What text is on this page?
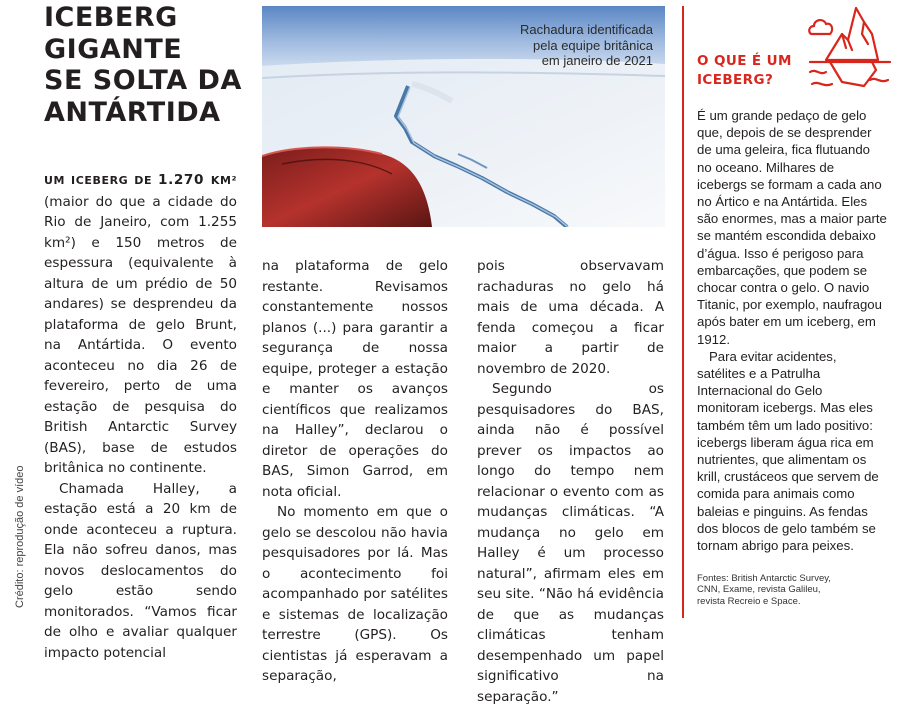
ICEBERG
GIGANTE
SE SOLTA DA
ANTÁRTIDA
Rachadura identificada
pela equipe britânica
em janeiro de 2021
Crédito: reprodução de vídeo

UM ICEBERG DE 1.270 KM² (maior do que a cidade do Rio de Janeiro, com 1.255 km²) e 150 metros de espessura (equivalente à altura de um prédio de 50 andares) se desprendeu da plataforma de gelo Brunt, na Antártida. O evento aconteceu no dia 26 de fevereiro, perto de uma estação de pesquisa do British Antarctic Survey (BAS), base de estudos britânica no continente.

Chamada Halley, a estação está a 20 km de onde aconteceu a ruptura. Ela não sofreu danos, mas novos deslocamentos do gelo estão sendo monitorados. “Vamos ficar de olho e avaliar qualquer impacto potencial

na plataforma de gelo restante. Revisamos constantemente nossos planos (...) para garantir a segurança de nossa equipe, proteger a estação e manter os avanços científicos que realizamos na Halley”, declarou o diretor de operações do BAS, Simon Garrod, em nota oficial.

No momento em que o gelo se descolou não havia pesquisadores por lá. Mas o acontecimento foi acompanhado por satélites e sistemas de localização terrestre (GPS). Os cientistas já esperavam a separação,

pois observavam rachaduras no gelo há mais de uma década. A fenda começou a ficar maior a partir de novembro de 2020.

Segundo os pesquisadores do BAS, ainda não é possível prever os impactos ao longo do tempo nem relacionar o evento com as mudanças climáticas. “A mudança no gelo em Halley é um processo natural”, afirmam eles em seu site. “Não há evidência de que as mudanças climáticas tenham desempenhado um papel significativo na separação.”

O QUE É UM
ICEBERG?

É um grande pedaço de gelo que, depois de se desprender de uma geleira, fica flutuando no oceano. Milhares de icebergs se formam a cada ano no Ártico e na Antártida. Eles são enormes, mas a maior parte se mantém escondida debaixo d’água. Isso é perigoso para embarcações, que podem se chocar contra o gelo. O navio Titanic, por exemplo, naufragou após bater em um iceberg, em 1912.

Para evitar acidentes, satélites e a Patrulha Internacional do Gelo monitoram icebergs. Mas eles também têm um lado positivo: icebergs liberam água rica em nutrientes, que alimentam os krill, crustáceos que servem de comida para animais como baleias e pinguins. As fendas dos blocos de gelo também se tornam abrigo para peixes.

Fontes: British Antarctic Survey,
CNN, Exame, revista Galileu,
revista Recreio e Space.
